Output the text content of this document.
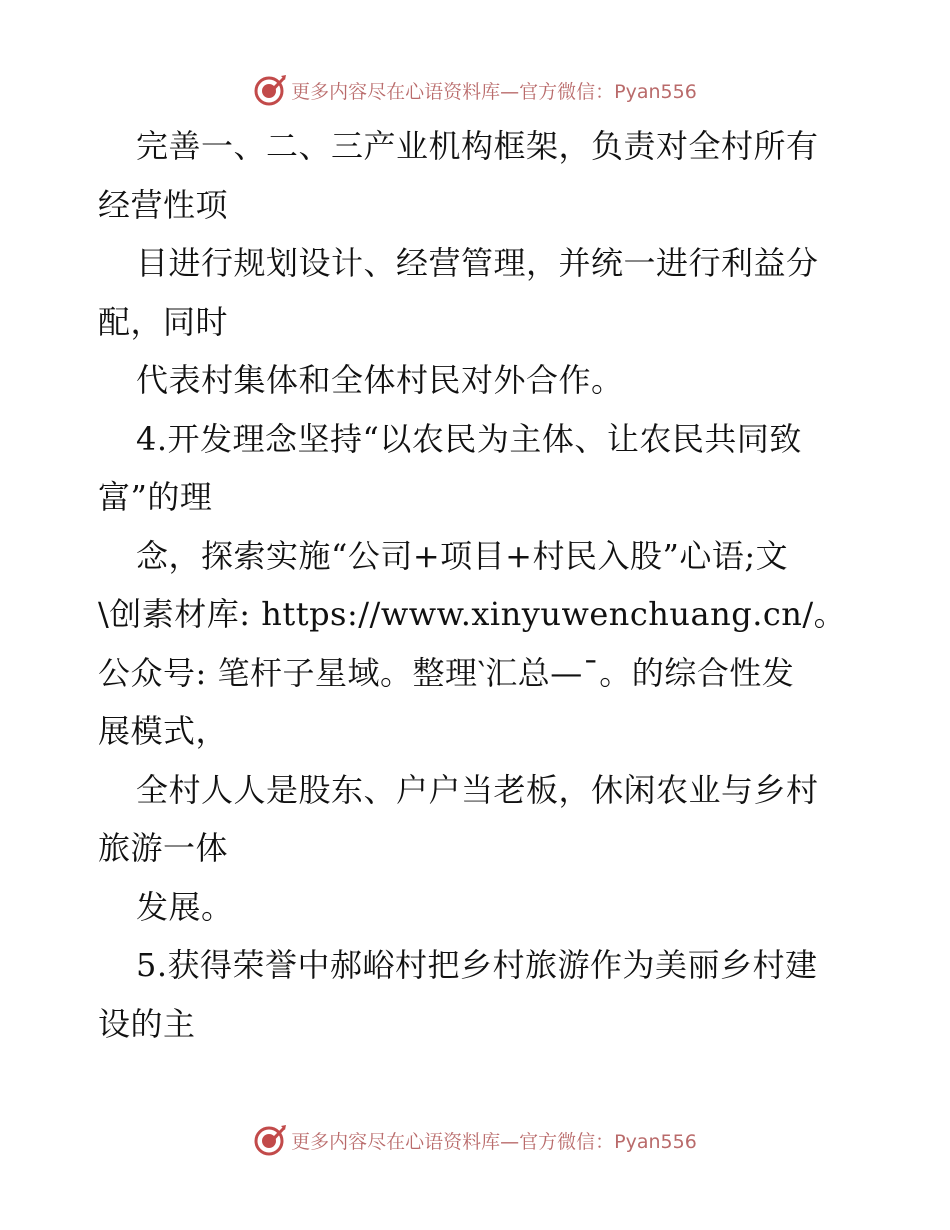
更多内容尽在心语资料库—官方微信：Pyan556
完善一、二、三产业机构框架，负责对全村所有
经营性项
目进行规划设计、经营管理，并统一进行利益分
配，同时
代表村集体和全体村民对外合作。
4.开发理念坚持“以农民为主体、让农民共同致
富”的理
念，探索实施“公司+项目+村民入股”心语;文
\创素材库: https://www.xinyuwenchuang.cn/。
公众号: 笔杆子星域。整理‵汇总—¯。的综合性发
展模式，
全村人人是股东、户户当老板，休闲农业与乡村
旅游一体
发展。
5.获得荣誉中郝峪村把乡村旅游作为美丽乡村建
设的主
更多内容尽在心语资料库—官方微信：Pyan556
